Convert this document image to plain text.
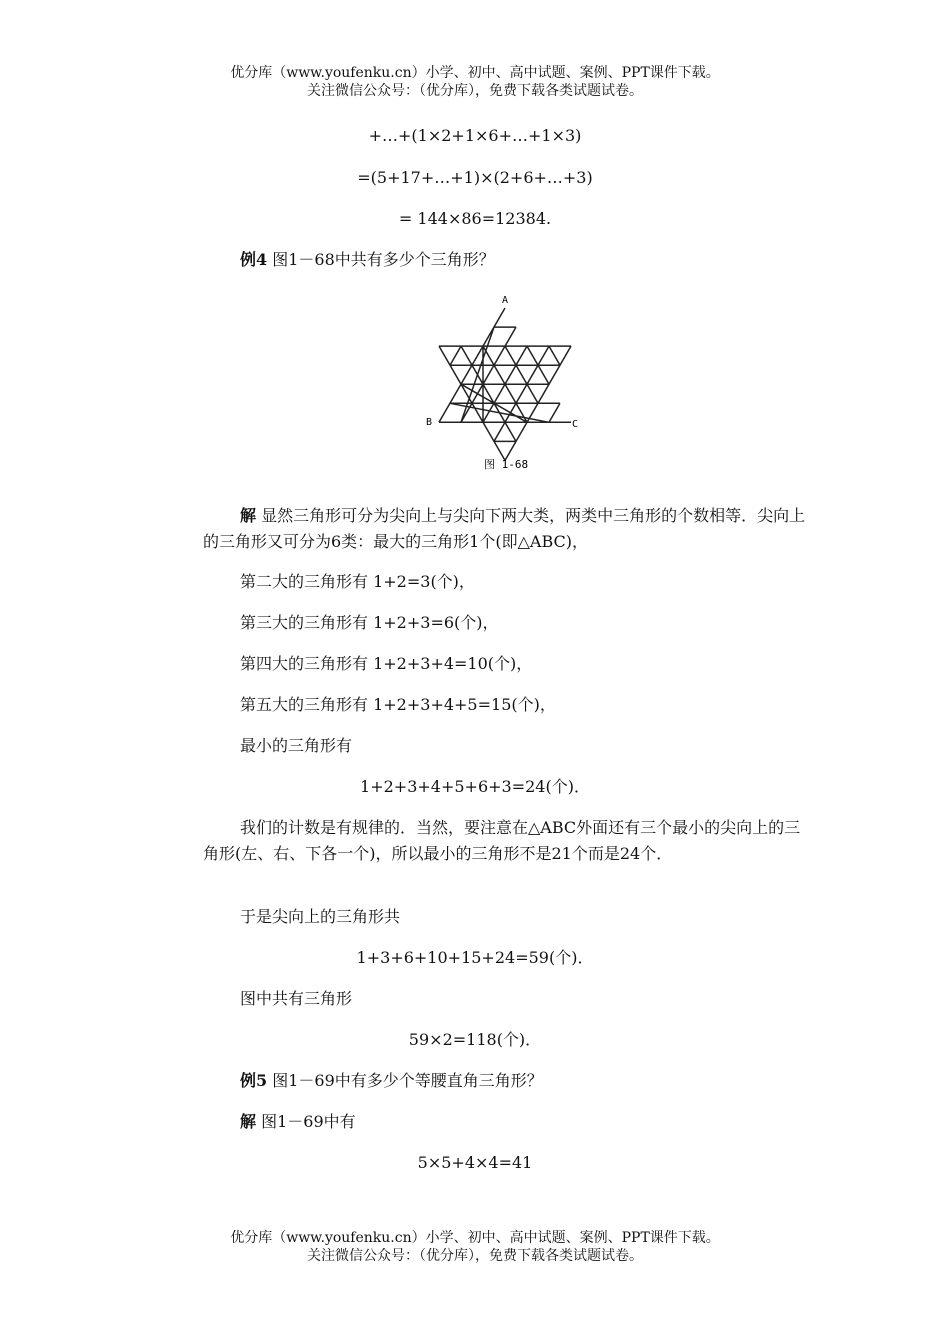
优分库（www.youfenku.cn）小学、初中、高中试题、案例、PPT课件下载。
关注微信公众号：（优分库），免费下载各类试题试卷。
+…+(1×2+1×6+…+1×3)
=(5+17+…+1)×(2+6+…+3)
= 144×86=12384.
例4 图1－68中共有多少个三角形？
A
B	C
图 1-68
解 显然三角形可分为尖向上与尖向下两大类，两类中三角形的个数相等．尖向上的三角形又可分为6类：最大的三角形1个(即△ABC)，
第二大的三角形有 1+2=3(个)，
第三大的三角形有 1+2+3=6(个)，
第四大的三角形有 1+2+3+4=10(个)，
第五大的三角形有 1+2+3+4+5=15(个)，
最小的三角形有
1+2+3+4+5+6+3=24(个)．
我们的计数是有规律的．当然，要注意在△ABC外面还有三个最小的尖向上的三角形(左、右、下各一个)，所以最小的三角形不是21个而是24个．
于是尖向上的三角形共
1+3+6+10+15+24=59(个)．
图中共有三角形
59×2=118(个)．
例5 图1－69中有多少个等腰直角三角形？
解 图1－69中有
5×5+4×4=41
优分库（www.youfenku.cn）小学、初中、高中试题、案例、PPT课件下载。
关注微信公众号：（优分库），免费下载各类试题试卷。
